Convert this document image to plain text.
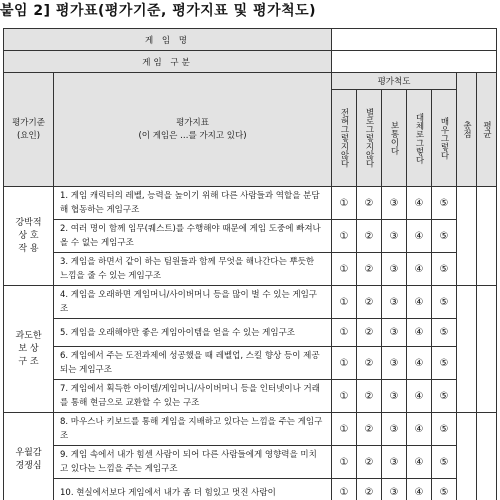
붙임 2] 평가표(평가기준, 평가지표 및 평가척도)
게 임 명								
게임 구분								

평가기준
(요인)	평가지표
(이 게임은 …를 가지고 있다)	평가척도					총점	평균

		전혀그렇지않다	별로그렇지않다	보통이다	대체로그렇다	매우그렇다		

강박적
상 호
작 용	1. 게임 캐릭터의 레벨, 능력을 높이기 위해 다른 사람들과 역할을 분담해 협동하는 게임구조	①	②	③	④	⑤		
	2. 여러 명이 함께 임무(퀘스트)를 수행해야 때문에 게임 도중에 빠져나올 수 없는 게임구조	①	②	③	④	⑤		
	3. 게임을 하면서 같이 하는 팀원들과 함께 무엇을 해나간다는 뿌듯한 느낌을 줄 수 있는 게임구조	①	②	③	④	⑤		
과도한
보 상
구 조	4. 게임을 오래하면 게임머니/사이버머니 등을 많이 벌 수 있는 게임구조	①	②	③	④	⑤		
	5. 게임을 오래해야만 좋은 게임아이템을 얻을 수 있는 게임구조	①	②	③	④	⑤		
	6. 게임에서 주는 도전과제에 성공했을 때 레벨업, 스킬 향상 등이 제공되는 게임구조	①	②	③	④	⑤		
	7. 게임에서 획득한 아이템/게임머니/사이버머니 등을 인터넷이나 거래를 통해 현금으로 교환할 수 있는 구조	①	②	③	④	⑤		
우월감
경쟁심	8. 마우스나 키보드를 통해 게임을 지배하고 있다는 느낌을 주는 게임구조	①	②	③	④	⑤		
	9. 게임 속에서 내가 힘센 사람이 되어 다른 사람들에게 영향력을 미치고 있다는 느낌을 주는 게임구조	①	②	③	④	⑤		
	10. 현실에서보다 게임에서 내가 좀 더 힘있고 멋진 사람이	①	②	③	④	⑤		
